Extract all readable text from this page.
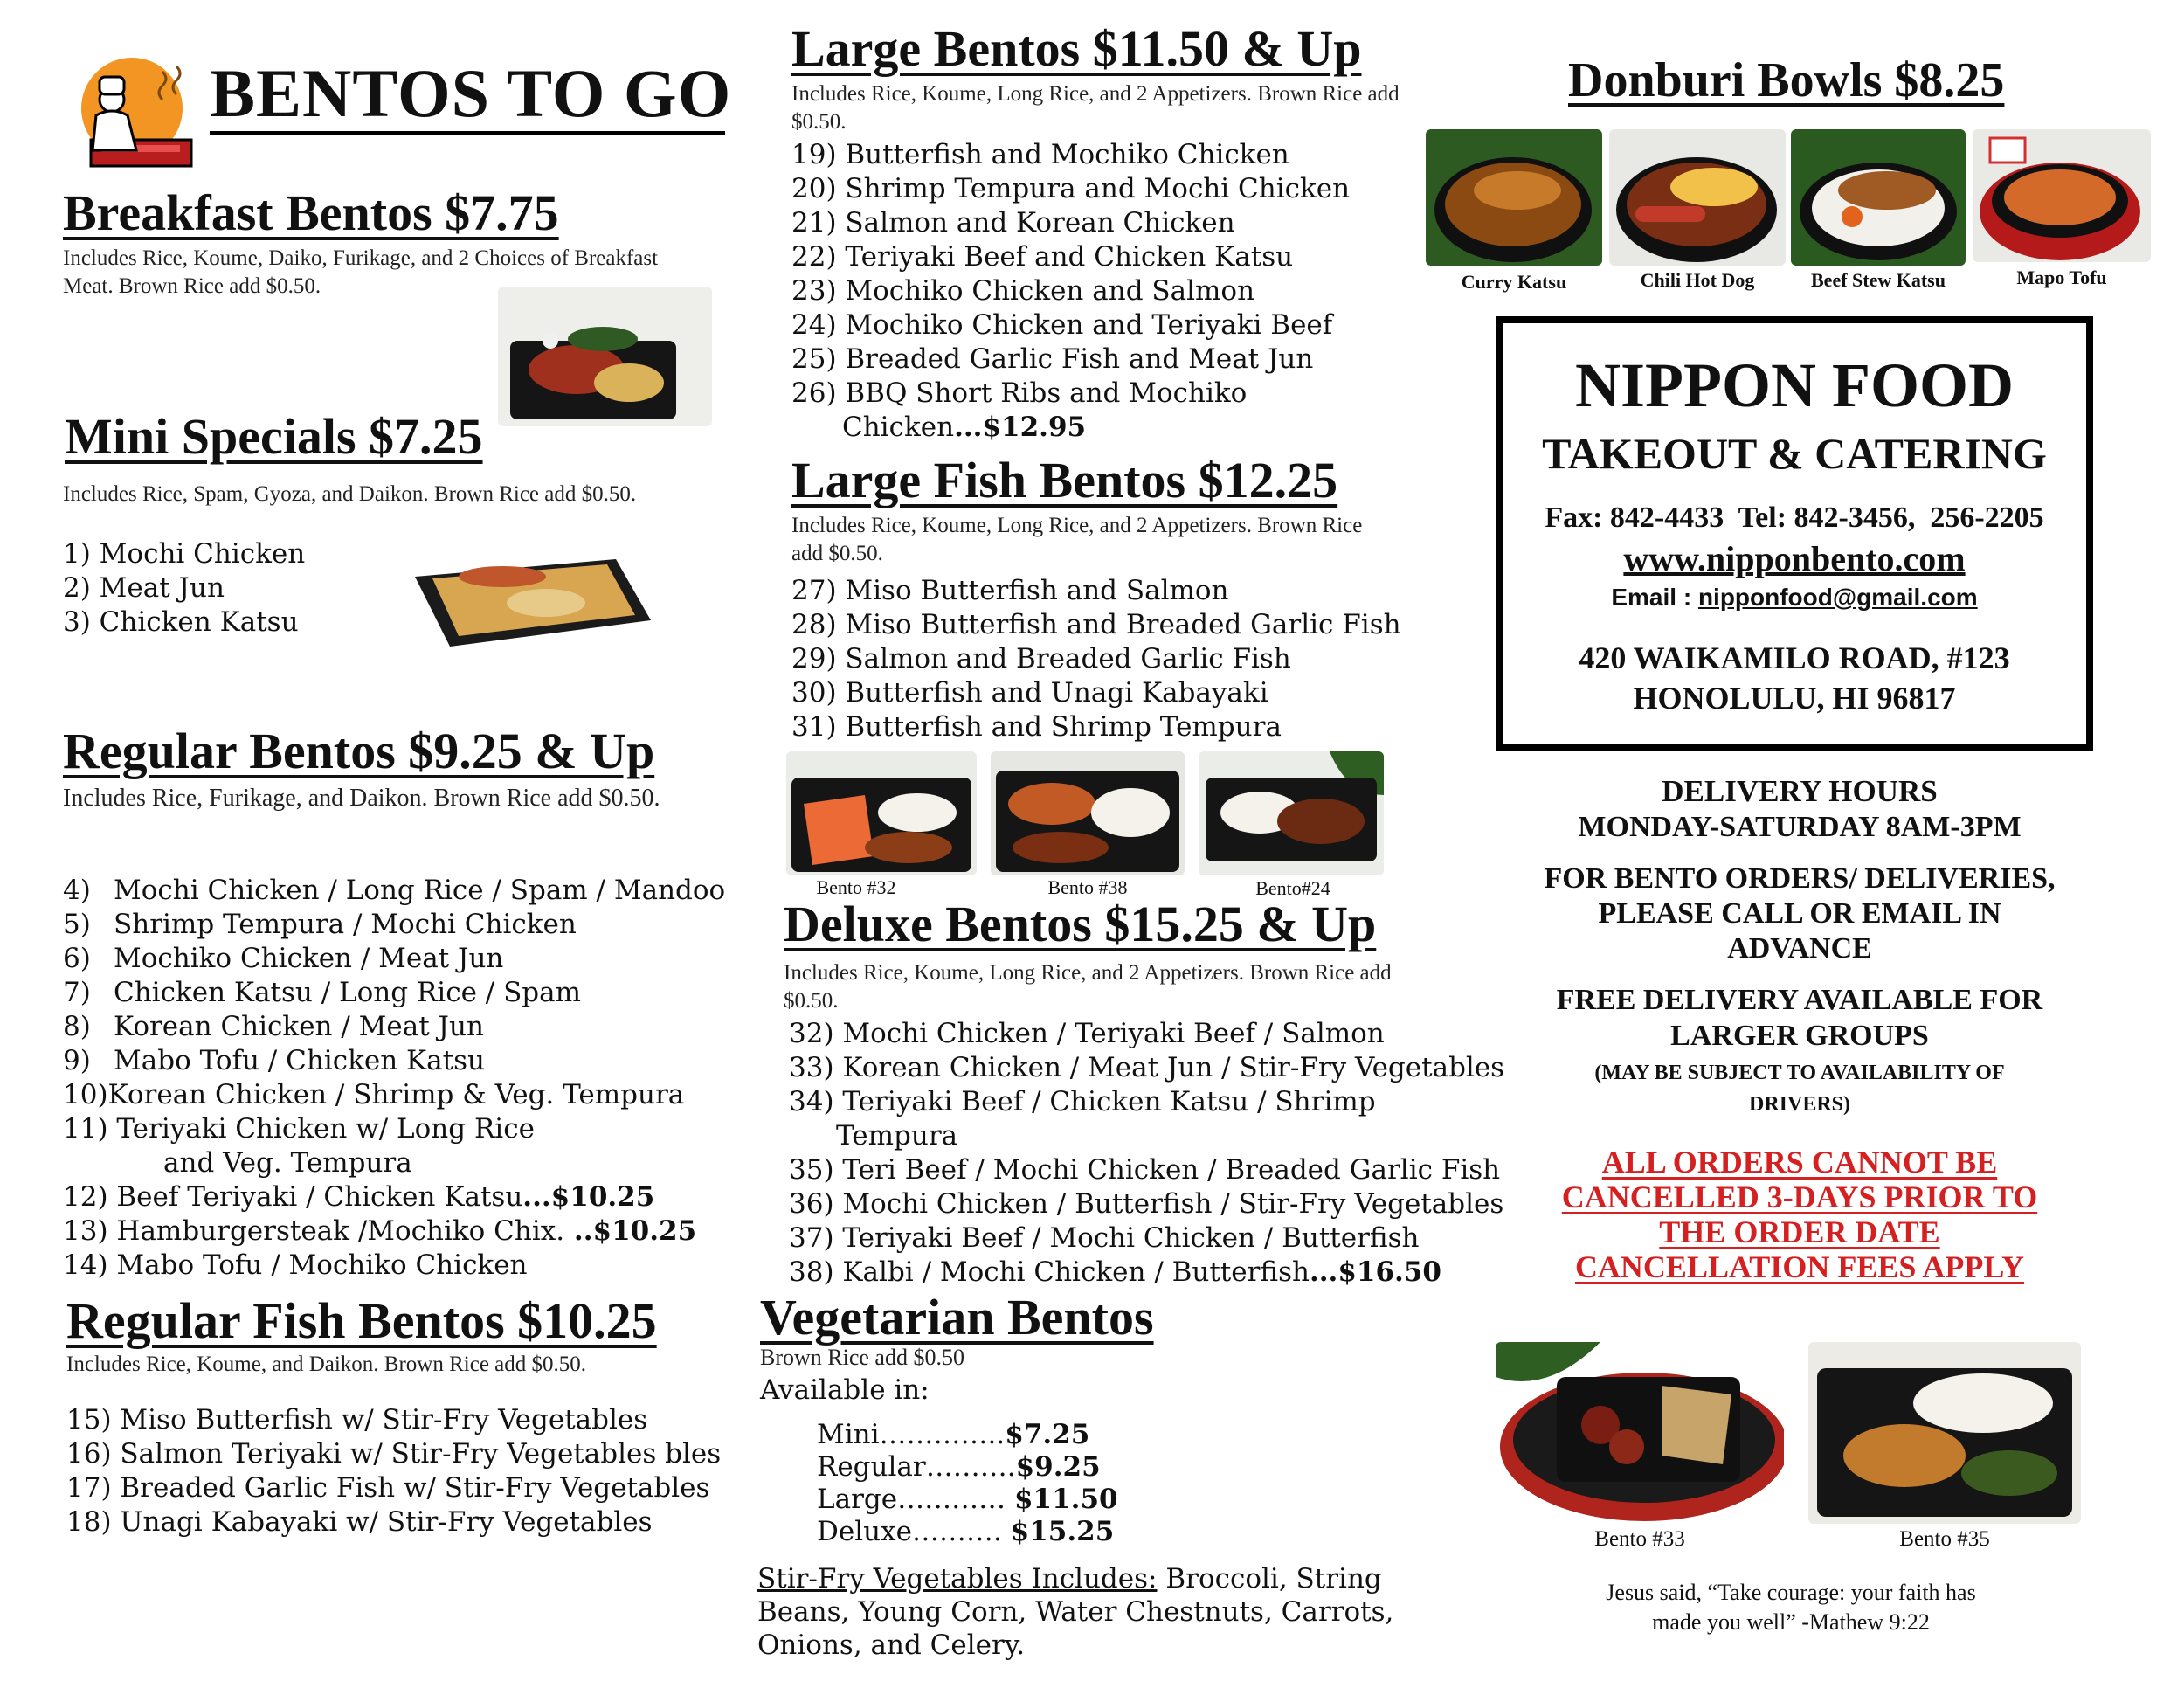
BENTOS TO GO
Breakfast Bentos $7.75
Includes Rice, Koume, Daiko, Furikage, and 2 Choices of Breakfast Meat. Brown Rice add $0.50.
Mini Specials $7.25
Includes Rice, Spam, Gyoza, and Daikon. Brown Rice add $0.50.
1) Mochi Chicken
2) Meat Jun
3) Chicken Katsu
Regular Bentos $9.25 & Up
Includes Rice, Furikage, and Daikon. Brown Rice add $0.50.
4) Mochi Chicken / Long Rice / Spam / Mandoo
5) Shrimp Tempura / Mochi Chicken
6) Mochiko Chicken / Meat Jun
7) Chicken Katsu / Long Rice / Spam
8) Korean Chicken / Meat Jun
9) Mabo Tofu / Chicken Katsu
10)Korean Chicken / Shrimp & Veg. Tempura
11) Teriyaki Chicken w/ Long Rice
and Veg. Tempura
12) Beef Teriyaki / Chicken Katsu...$10.25
13) Hamburgersteak /Mochiko Chix. ..$10.25
14) Mabo Tofu / Mochiko Chicken
Regular Fish Bentos $10.25
Includes Rice, Koume, and Daikon. Brown Rice add $0.50.
15) Miso Butterfish w/ Stir-Fry Vegetables
16) Salmon Teriyaki w/ Stir-Fry Vegetables bles
17) Breaded Garlic Fish w/ Stir-Fry Vegetables
18) Unagi Kabayaki w/ Stir-Fry Vegetables
Large Bentos $11.50 & Up
Includes Rice, Koume, Long Rice, and 2 Appetizers. Brown Rice add $0.50.
19) Butterfish and Mochiko Chicken
20) Shrimp Tempura and Mochi Chicken
21) Salmon and Korean Chicken
22) Teriyaki Beef and Chicken Katsu
23) Mochiko Chicken and Salmon
24) Mochiko Chicken and Teriyaki Beef
25) Breaded Garlic Fish and Meat Jun
26) BBQ Short Ribs and Mochiko
Chicken...$12.95
Large Fish Bentos $12.25
Includes Rice, Koume, Long Rice, and 2 Appetizers. Brown Rice add $0.50.
27) Miso Butterfish and Salmon
28) Miso Butterfish and Breaded Garlic Fish
29) Salmon and Breaded Garlic Fish
30) Butterfish and Unagi Kabayaki
31) Butterfish and Shrimp Tempura
Bento #32	Bento #38	Bento#24
Deluxe Bentos $15.25 & Up
Includes Rice, Koume, Long Rice, and 2 Appetizers. Brown Rice add $0.50.
32) Mochi Chicken / Teriyaki Beef / Salmon
33) Korean Chicken / Meat Jun / Stir-Fry Vegetables
34) Teriyaki Beef / Chicken Katsu / Shrimp
Tempura
35) Teri Beef / Mochi Chicken / Breaded Garlic Fish
36) Mochi Chicken / Butterfish / Stir-Fry Vegetables
37) Teriyaki Beef / Mochi Chicken / Butterfish
38) Kalbi / Mochi Chicken / Butterfish...$16.50
Vegetarian Bentos
Brown Rice add $0.50
Available in:
Mini…………..$7.25
Regular……….$9.25
Large………… $11.50
Deluxe………. $15.25
Stir-Fry Vegetables Includes: Broccoli, String Beans, Young Corn, Water Chestnuts, Carrots, Onions, and Celery.
Donburi Bowls $8.25
Curry Katsu	Chili Hot Dog	Beef Stew Katsu	Mapo Tofu
NIPPON FOOD
TAKEOUT & CATERING
Fax: 842-4433  Tel: 842-3456,  256-2205
www.nipponbento.com
Email : nipponfood@gmail.com
420 WAIKAMILO ROAD, #123
HONOLULU, HI 96817
DELIVERY HOURS
MONDAY-SATURDAY 8AM-3PM
FOR BENTO ORDERS/ DELIVERIES, PLEASE CALL OR EMAIL IN ADVANCE
FREE DELIVERY AVAILABLE FOR LARGER GROUPS
(MAY BE SUBJECT TO AVAILABILITY OF DRIVERS)
ALL ORDERS CANNOT BE CANCELLED 3-DAYS PRIOR TO THE ORDER DATE CANCELLATION FEES APPLY
Bento #33	Bento #35
Jesus said, “Take courage: your faith has made you well” -Mathew 9:22
